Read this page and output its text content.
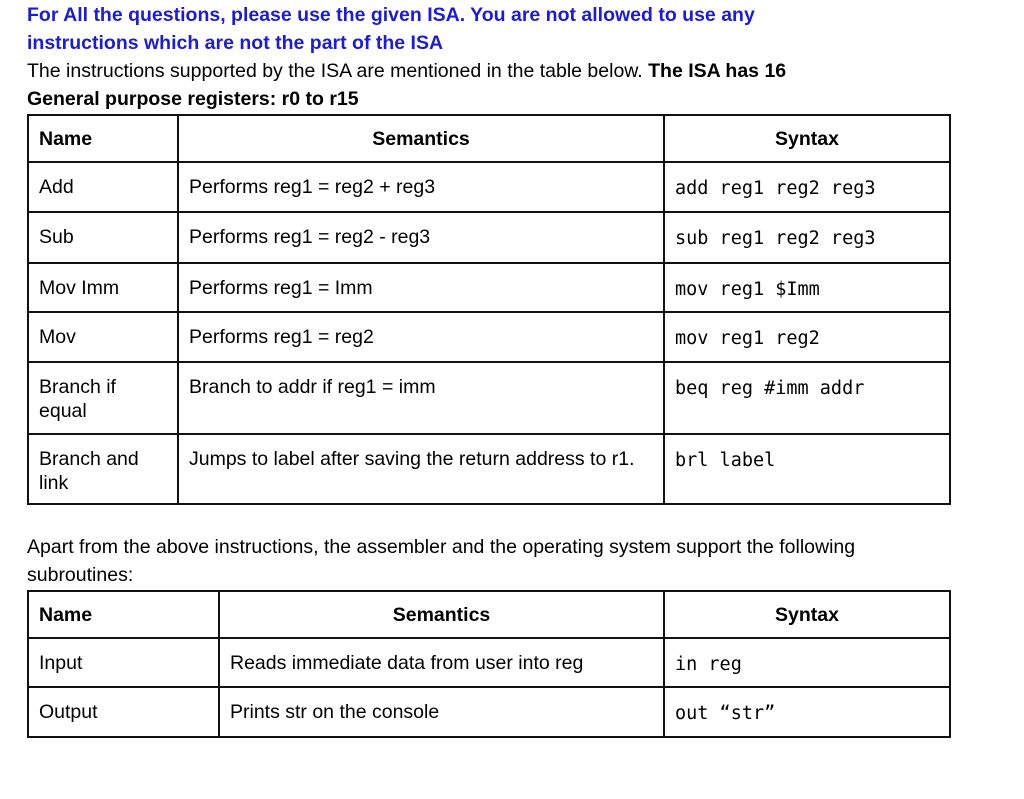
For All the questions, please use the given ISA. You are not allowed to use any
instructions which are not the part of the ISA
The instructions supported by the ISA are mentioned in the table below. The ISA has 16
General purpose registers: r0 to r15
Name	Semantics	Syntax
Add	Performs reg1 = reg2 + reg3	add reg1 reg2 reg3
Sub	Performs reg1 = reg2 - reg3	sub reg1 reg2 reg3
Mov Imm	Performs reg1 = Imm	mov reg1 $Imm
Mov	Performs reg1 = reg2	mov reg1 reg2
Branch if equal	Branch to addr if reg1 = imm	beq reg #imm addr
Branch and link	Jumps to label after saving the return address to r1.	brl label
Apart from the above instructions, the assembler and the operating system support the following
subroutines:
Name	Semantics	Syntax
Input	Reads immediate data from user into reg	in reg
Output	Prints str on the console	out “str”
